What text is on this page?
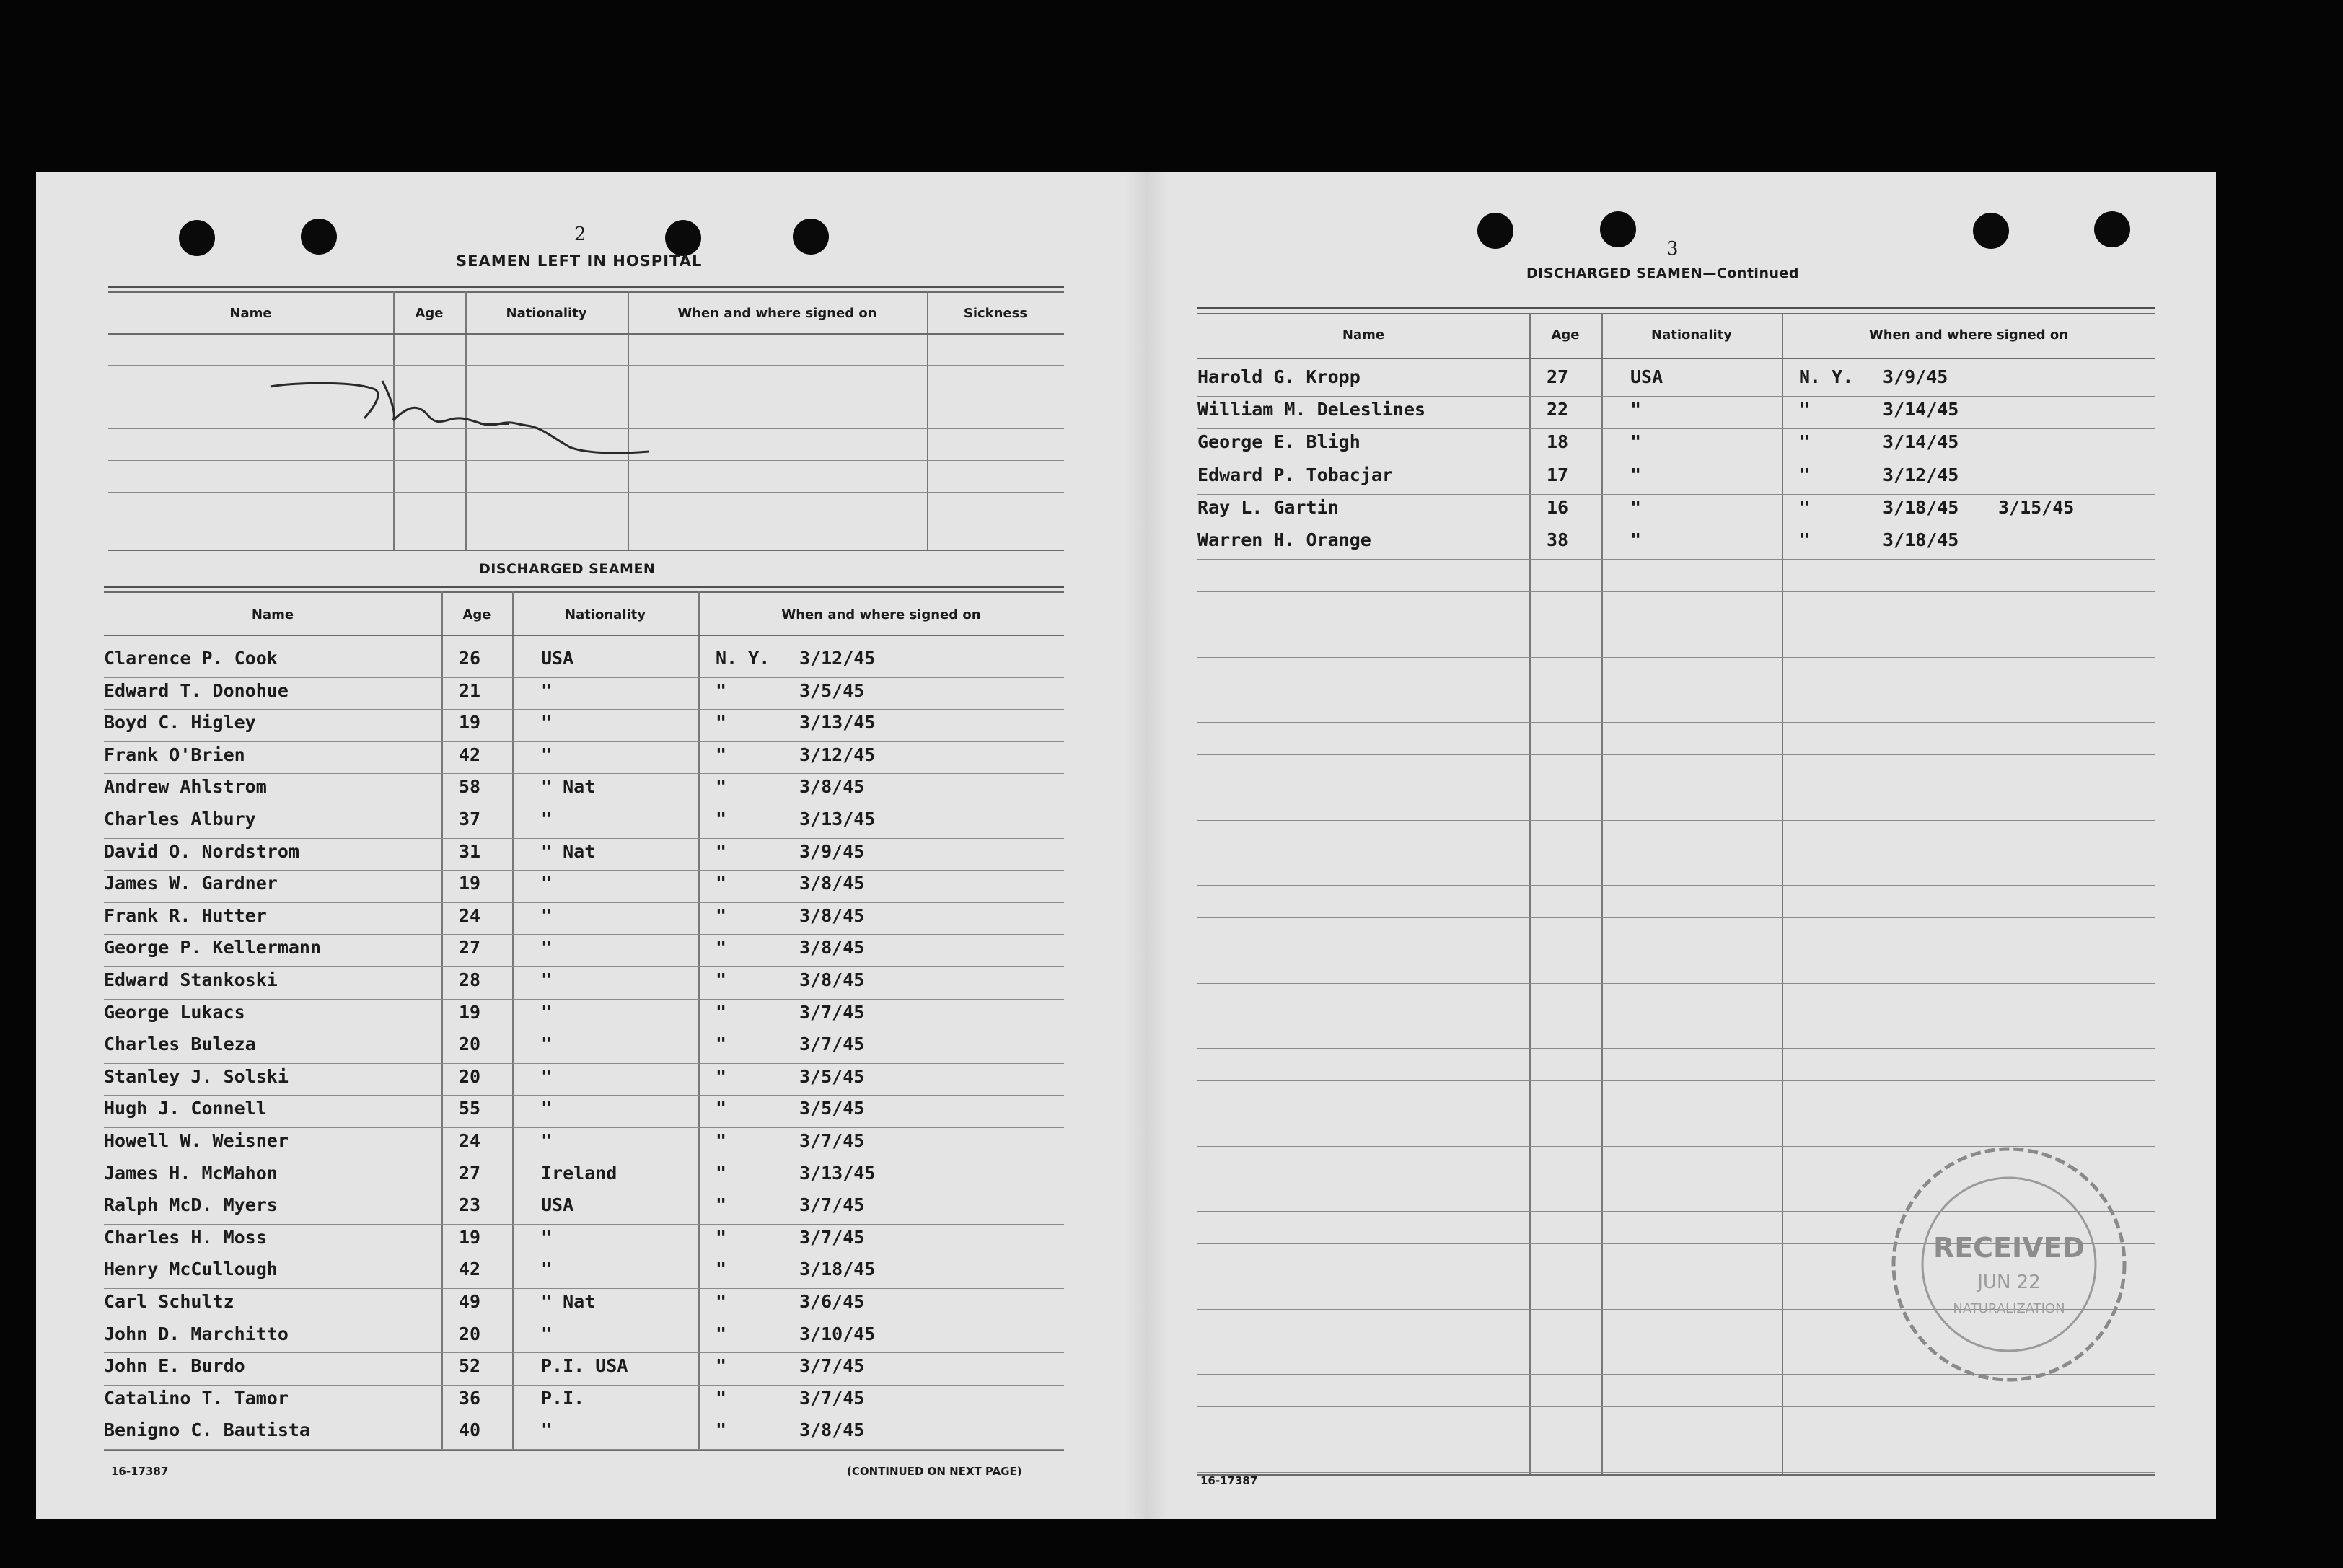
2
SEAMEN LEFT IN HOSPITAL
Name	Age	Nationality	When and where signed on	Sickness
DISCHARGED SEAMEN
Name	Age	Nationality	When and where signed on
Clarence P. Cook	26	USA	N. Y. 3/12/45
Edward T. Donohue	21	"	"	3/5/45
Boyd C. Higley	19	"	"	3/13/45
Frank O'Brien	42	"	"	3/12/45
Andrew Ahlstrom	58	" Nat	"	3/8/45
Charles Albury	37	"	"	3/13/45
David O. Nordstrom	31	" Nat	"	3/9/45
James W. Gardner	19	"	"	3/8/45
Frank R. Hutter	24	"	"	3/8/45
George P. Kellermann	27	"	"	3/8/45
Edward Stankoski	28	"	"	3/8/45
George Lukacs	19	"	"	3/7/45
Charles Buleza	20	"	"	3/7/45
Stanley J. Solski	20	"	"	3/5/45
Hugh J. Connell	55	"	"	3/5/45
Howell W. Weisner	24	"	"	3/7/45
James H. McMahon	27	Ireland	"	3/13/45
Ralph McD. Myers	23	USA	"	3/7/45
Charles H. Moss	19	"	"	3/7/45
Henry McCullough	42	"	"	3/18/45
Carl Schultz	49	" Nat	"	3/6/45
John D. Marchitto	20	"	"	3/10/45
John E. Burdo	52	P.I. USA	"	3/7/45
Catalino T. Tamor	36	P.I.	"	3/7/45
Benigno C. Bautista	40	"	"	3/8/45
16-17387	(CONTINUED ON NEXT PAGE)
3
DISCHARGED SEAMEN—Continued
Name	Age	Nationality	When and where signed on
Harold G. Kropp	27	USA	N. Y. 3/9/45
William M. DeLeslines	22	"	"	3/14/45
George E. Bligh	18	"	"	3/14/45
Edward P. Tobacjar	17	"	"	3/12/45
Ray L. Gartin	16	"	"	3/18/45 3/15/45
Warren H. Orange	38	"	"	3/18/45
RECEIVED
JUN 22
NATURALIZATION
16-17387
